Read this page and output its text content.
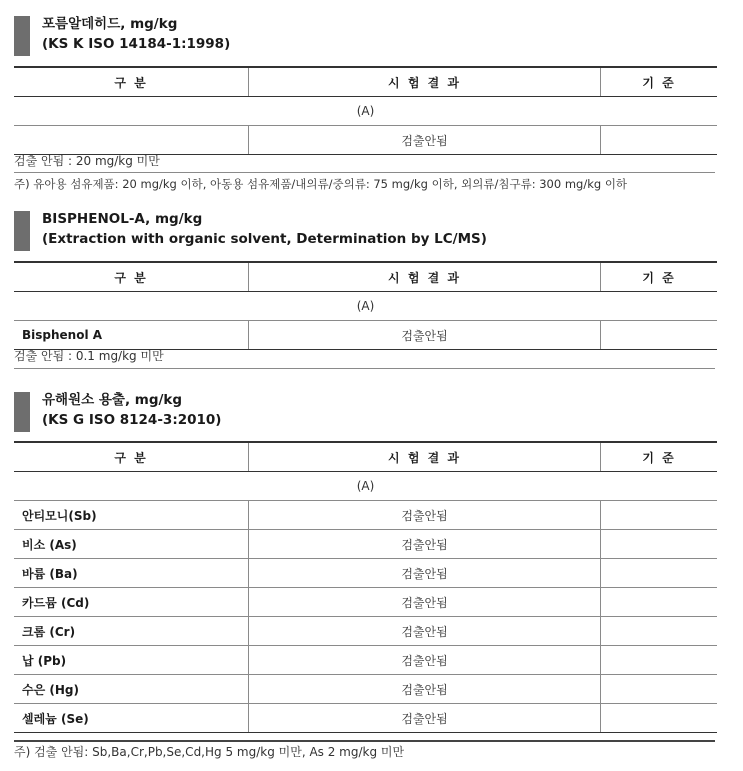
포름알데히드, mg/kg
(KS K ISO 14184-1:1998)
구 분	시 험 결 과	기 준
(A)		
	검출안됨	
검출 안됨 : 20 mg/kg 미만
주) 유아용 섬유제품: 20 mg/kg 이하, 아동용 섬유제품/내의류/중의류: 75 mg/kg 이하, 외의류/침구류: 300 mg/kg 이하
BISPHENOL-A, mg/kg
(Extraction with organic solvent, Determination by LC/MS)
구 분	시 험 결 과	기 준
(A)		
Bisphenol A	검출안됨	
검출 안됨 : 0.1 mg/kg 미만
유해원소 용출, mg/kg
(KS G ISO 8124-3:2010)
구 분	시 험 결 과	기 준
(A)		
안티모니(Sb)	검출안됨	
비소 (As)	검출안됨	
바륨 (Ba)	검출안됨	
카드뮴 (Cd)	검출안됨	
크롬 (Cr)	검출안됨	
납 (Pb)	검출안됨	
수은 (Hg)	검출안됨	
셀레늄 (Se)	검출안됨	
주) 검출 안됨: Sb,Ba,Cr,Pb,Se,Cd,Hg 5 mg/kg 미만, As 2 mg/kg 미만
